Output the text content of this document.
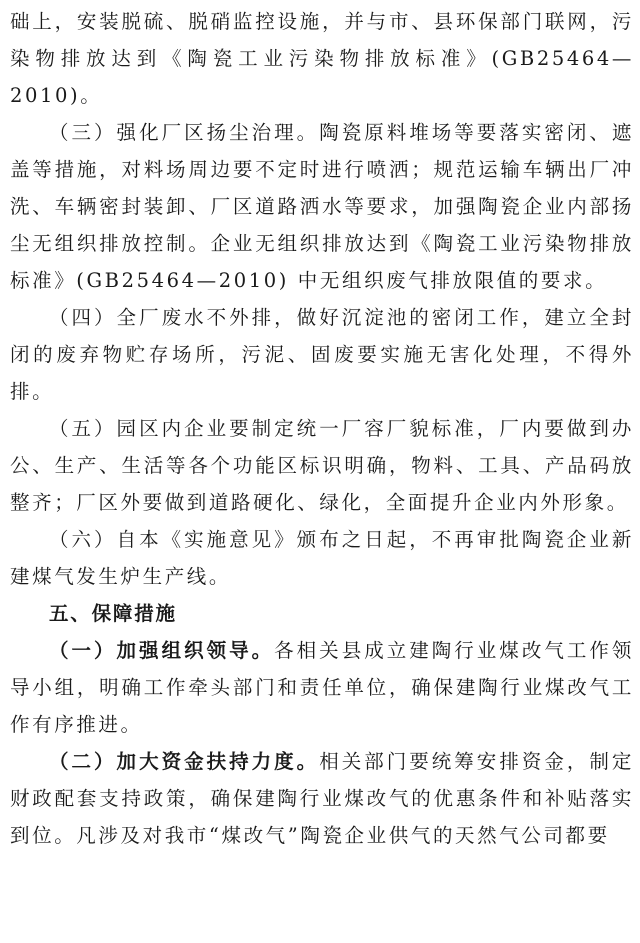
础上，安装脱硫、脱硝监控设施，并与市、县环保部门联网，污染物排放达到《陶瓷工业污染物排放标准》(GB25464—2010)。

（三）强化厂区扬尘治理。陶瓷原料堆场等要落实密闭、遮盖等措施，对料场周边要不定时进行喷洒；规范运输车辆出厂冲洗、车辆密封装卸、厂区道路洒水等要求，加强陶瓷企业内部扬尘无组织排放控制。企业无组织排放达到《陶瓷工业污染物排放标准》(GB25464—2010) 中无组织废气排放限值的要求。

（四）全厂废水不外排，做好沉淀池的密闭工作，建立全封闭的废弃物贮存场所，污泥、固废要实施无害化处理，不得外排。

（五）园区内企业要制定统一厂容厂貌标准，厂内要做到办公、生产、生活等各个功能区标识明确，物料、工具、产品码放整齐；厂区外要做到道路硬化、绿化，全面提升企业内外形象。

（六）自本《实施意见》颁布之日起，不再审批陶瓷企业新建煤气发生炉生产线。

五、保障措施

（一）加强组织领导。各相关县成立建陶行业煤改气工作领导小组，明确工作牵头部门和责任单位，确保建陶行业煤改气工作有序推进。

（二）加大资金扶持力度。相关部门要统筹安排资金，制定财政配套支持政策，确保建陶行业煤改气的优惠条件和补贴落实到位。凡涉及对我市“煤改气”陶瓷企业供气的天然气公司都要
